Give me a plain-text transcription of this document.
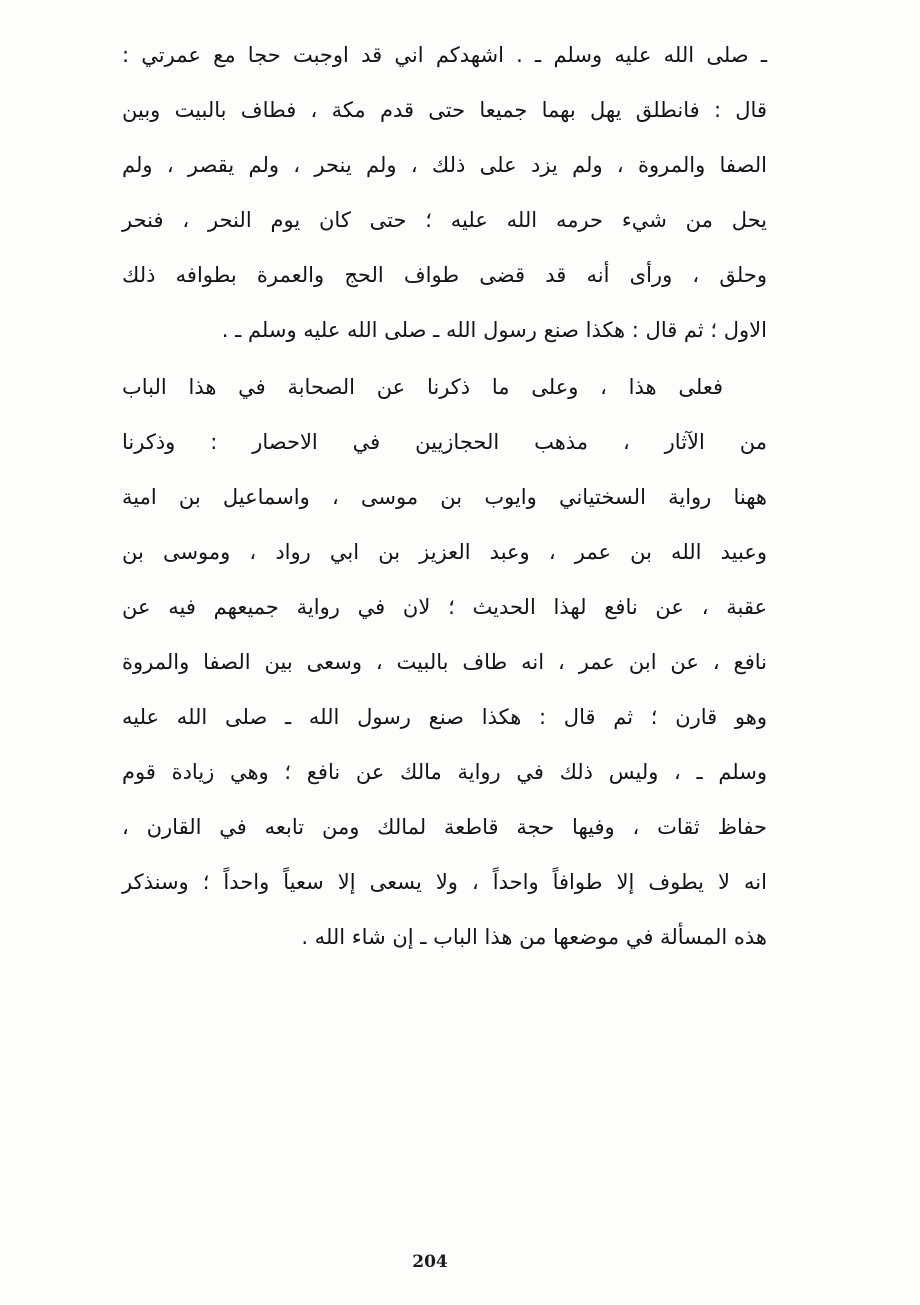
ـ صلى الله عليه وسلم ـ . اشهدكم اني قد اوجبت حجا مع عمرتي :
قال : فانطلق يهل بهما جميعا حتى قدم مكة ، فطاف بالبيت وبين
الصفا والمروة ، ولم يزد على ذلك ، ولم ينحر ، ولم يقصر ، ولم
يحل من شيء حرمه الله عليه ؛ حتى كان يوم النحر ، فنحر
وحلق ، ورأى أنه قد قضى طواف الحج والعمرة بطوافه ذلك
الاول ؛ ثم قال : هكذا صنع رسول الله ـ صلى الله عليه وسلم ـ .
فعلى هذا ، وعلى ما ذكرنا عن الصحابة في هذا الباب
من الآثار ، مذهب الحجازيين في الاحصار : وذكرنا
ههنا رواية السختياني وايوب بن موسى ، واسماعيل بن امية
وعبيد الله بن عمر ، وعبد العزيز بن ابي رواد ، وموسى بن
عقبة ، عن نافع لهذا الحديث ؛ لان في رواية جميعهم فيه عن
نافع ، عن ابن عمر ، انه طاف بالبيت ، وسعى بين الصفا والمروة
وهو قارن ؛ ثم قال : هكذا صنع رسول الله ـ صلى الله عليه
وسلم ـ ، وليس ذلك في رواية مالك عن نافع ؛ وهي زيادة قوم
حفاظ ثقات ، وفيها حجة قاطعة لمالك ومن تابعه في القارن ،
انه لا يطوف إلا طوافاً واحداً ، ولا يسعى إلا سعياً واحداً ؛ وسنذكر
هذه المسألة في موضعها من هذا الباب ـ إن شاء الله .
204
